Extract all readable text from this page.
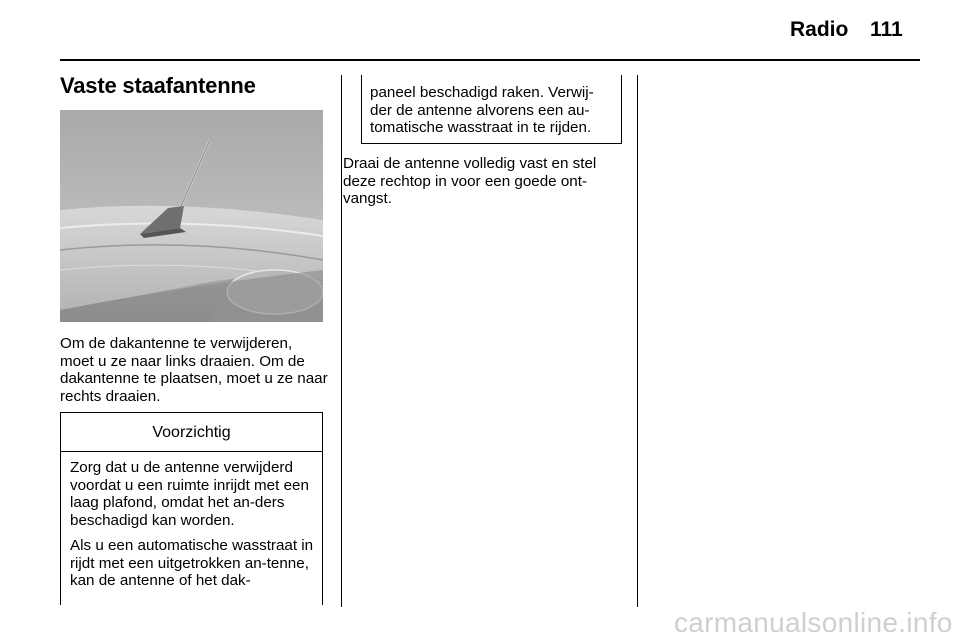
Radio 111
Vaste staafantenne
Om de dakantenne te verwijderen, moet u ze naar links draaien. Om de dakantenne te plaatsen, moet u ze naar rechts draaien.
Voorzichtig

Zorg dat u de antenne verwijderd voordat u een ruimte inrijdt met een laag plafond, omdat het an-ders beschadigd kan worden.

Als u een automatische wasstraat in rijdt met een uitgetrokken an-tenne, kan de antenne of het dak-

paneel beschadigd raken. Verwij-der de antenne alvorens een au-tomatische wasstraat in te rijden.
Draai de antenne volledig vast en stel deze rechtop in voor een goede ont-vangst.
carmanualsonline.info
